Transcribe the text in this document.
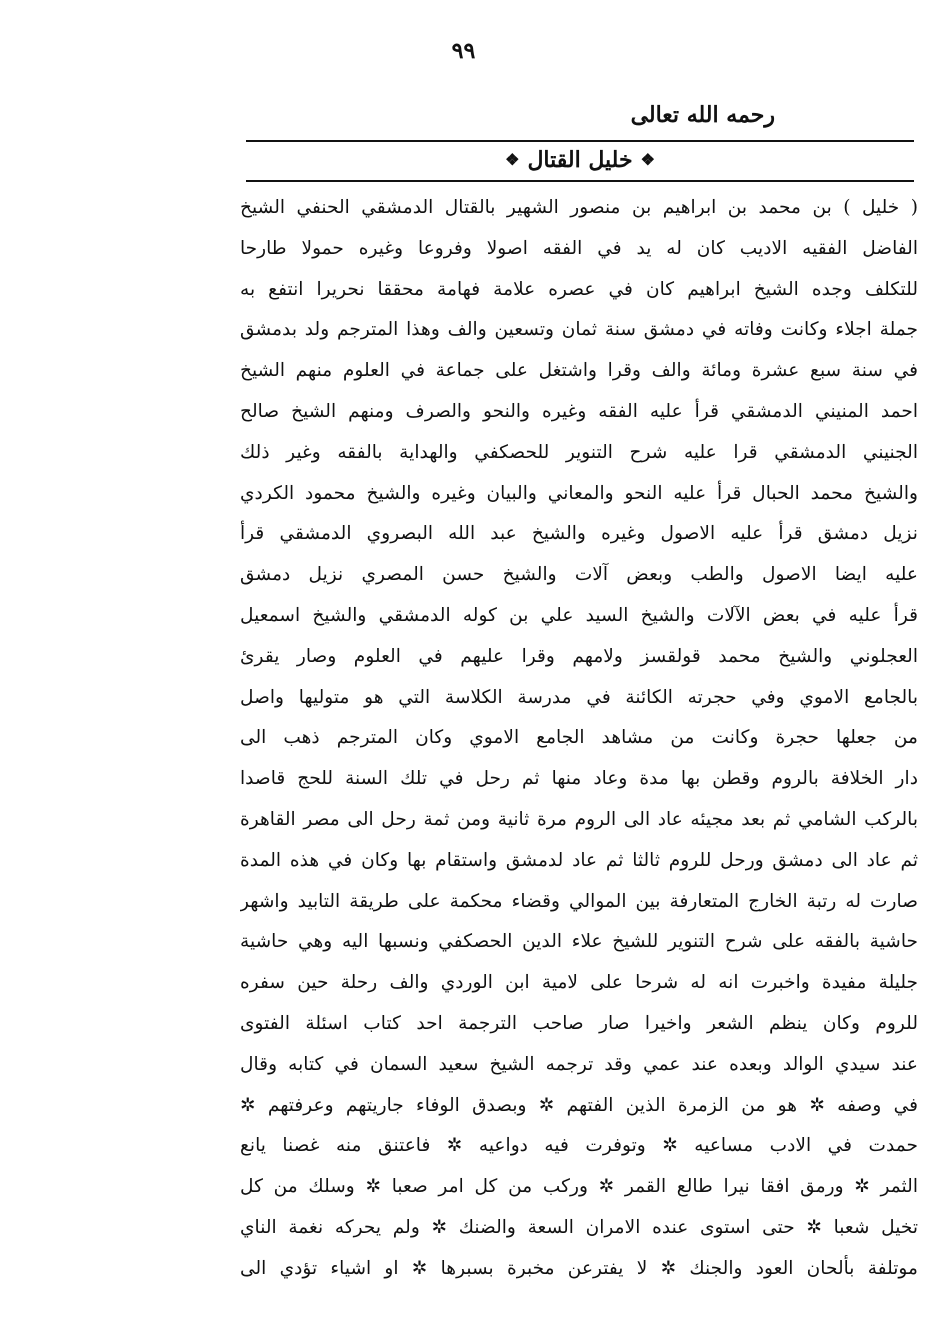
٩٩
رحمه الله تعالى
❖
خليل القتال
❖
( خليل ) بن محمد بن ابراهيم بن منصور الشهير بالقتال الدمشقي الحنفي الشيخ
الفاضل الفقيه الاديب كان له يد في الفقه اصولا وفروعا وغيره حمولا طارحا
للتكلف وجده الشيخ ابراهيم كان في عصره علامة فهامة محققا نحريرا انتفع به
جملة اجلاء وكانت وفاته في دمشق سنة ثمان وتسعين والف وهذا المترجم ولد بدمشق
في سنة سبع عشرة ومائة والف وقرا واشتغل على جماعة في العلوم منهم الشيخ
احمد المنيني الدمشقي قرأ عليه الفقه وغيره والنحو والصرف ومنهم الشيخ صالح
الجنيني الدمشقي قرا عليه شرح التنوير للحصكفي والهداية بالفقه وغير ذلك
والشيخ محمد الحبال قرأ عليه النحو والمعاني والبيان وغيره والشيخ محمود الكردي
نزيل دمشق قرأ عليه الاصول وغيره والشيخ عبد الله البصروي الدمشقي قرأ
عليه ايضا الاصول والطب وبعض آلات والشيخ حسن المصري نزيل دمشق
قرأ عليه في بعض الآلات والشيخ السيد علي بن كوله الدمشقي والشيخ اسمعيل
العجلوني والشيخ محمد قولقسز ولامهم وقرا عليهم في العلوم وصار يقرئ
بالجامع الاموي وفي حجرته الكائنة في مدرسة الكلاسة التي هو متوليها واصل
من جعلها حجرة وكانت من مشاهد الجامع الاموي وكان المترجم ذهب الى
دار الخلافة بالروم وقطن بها مدة وعاد منها ثم رحل في تلك السنة للحج قاصدا
بالركب الشامي ثم بعد مجيئه عاد الى الروم مرة ثانية ومن ثمة رحل الى مصر القاهرة
ثم عاد الى دمشق ورحل للروم ثالثا ثم عاد لدمشق واستقام بها وكان في هذه المدة
صارت له رتبة الخارج المتعارفة بين الموالي وقضاء محكمة على طريقة التابيد واشهر
حاشية بالفقه على شرح التنوير للشيخ علاء الدين الحصكفي ونسبها اليه وهي حاشية
جليلة مفيدة واخبرت انه له شرحا على لامية ابن الوردي والف رحلة حين سفره
للروم وكان ينظم الشعر واخيرا صار صاحب الترجمة احد كتاب اسئلة الفتوى
عند سيدي الوالد وبعده عند عمي وقد ترجمه الشيخ سعيد السمان في كتابه وقال
في وصفه ✲ هو من الزمرة الذين الفتهم ✲ وبصدق الوفاء جاريتهم وعرفتهم ✲
حمدت في الادب مساعيه ✲ وتوفرت فيه دواعيه ✲ فاعتنق منه غصنا يانع
الثمر ✲ ورمق افقا نيرا طالع القمر ✲ وركب من كل امر صعبا ✲ وسلك من كل
تخيل شعبا ✲ حتى استوى عنده الامران السعة والضنك ✲ ولم يحركه نغمة الناي
موتلفة بألحان العود والجنك ✲ لا يفترعن مخبرة بسبرها ✲ او اشياء تؤدي الى
